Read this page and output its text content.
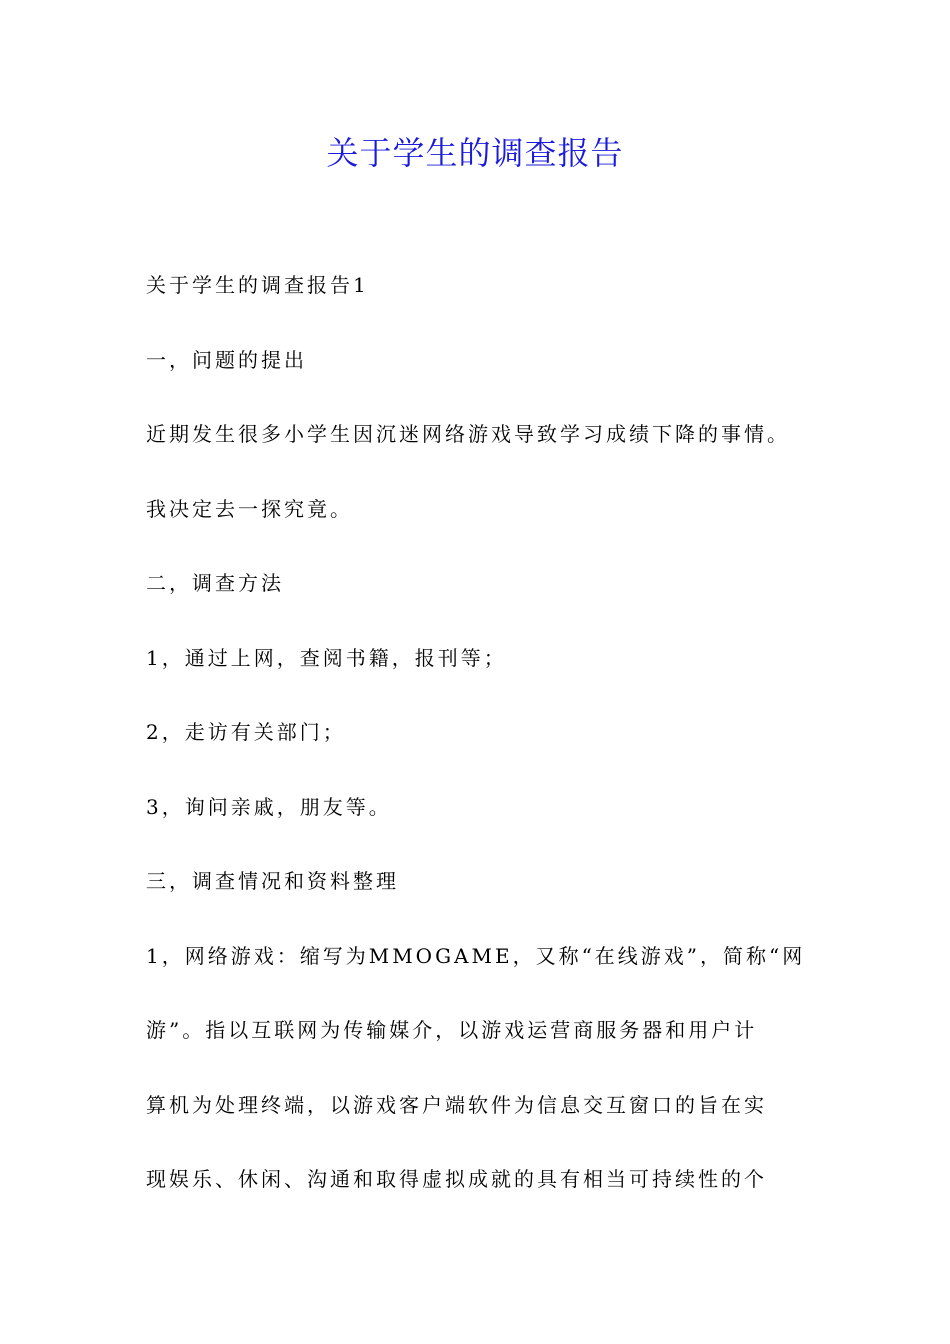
关于学生的调查报告
关于学生的调查报告1
一，问题的提出
近期发生很多小学生因沉迷网络游戏导致学习成绩下降的事情。
我决定去一探究竟。
二，调查方法
1，通过上网，查阅书籍，报刊等；
2，走访有关部门；
3，询问亲戚，朋友等。
三，调查情况和资料整理
1，网络游戏：缩写为MMOGAME，又称“在线游戏”，简称“网
游”。指以互联网为传输媒介，以游戏运营商服务器和用户计
算机为处理终端，以游戏客户端软件为信息交互窗口的旨在实
现娱乐、休闲、沟通和取得虚拟成就的具有相当可持续性的个
